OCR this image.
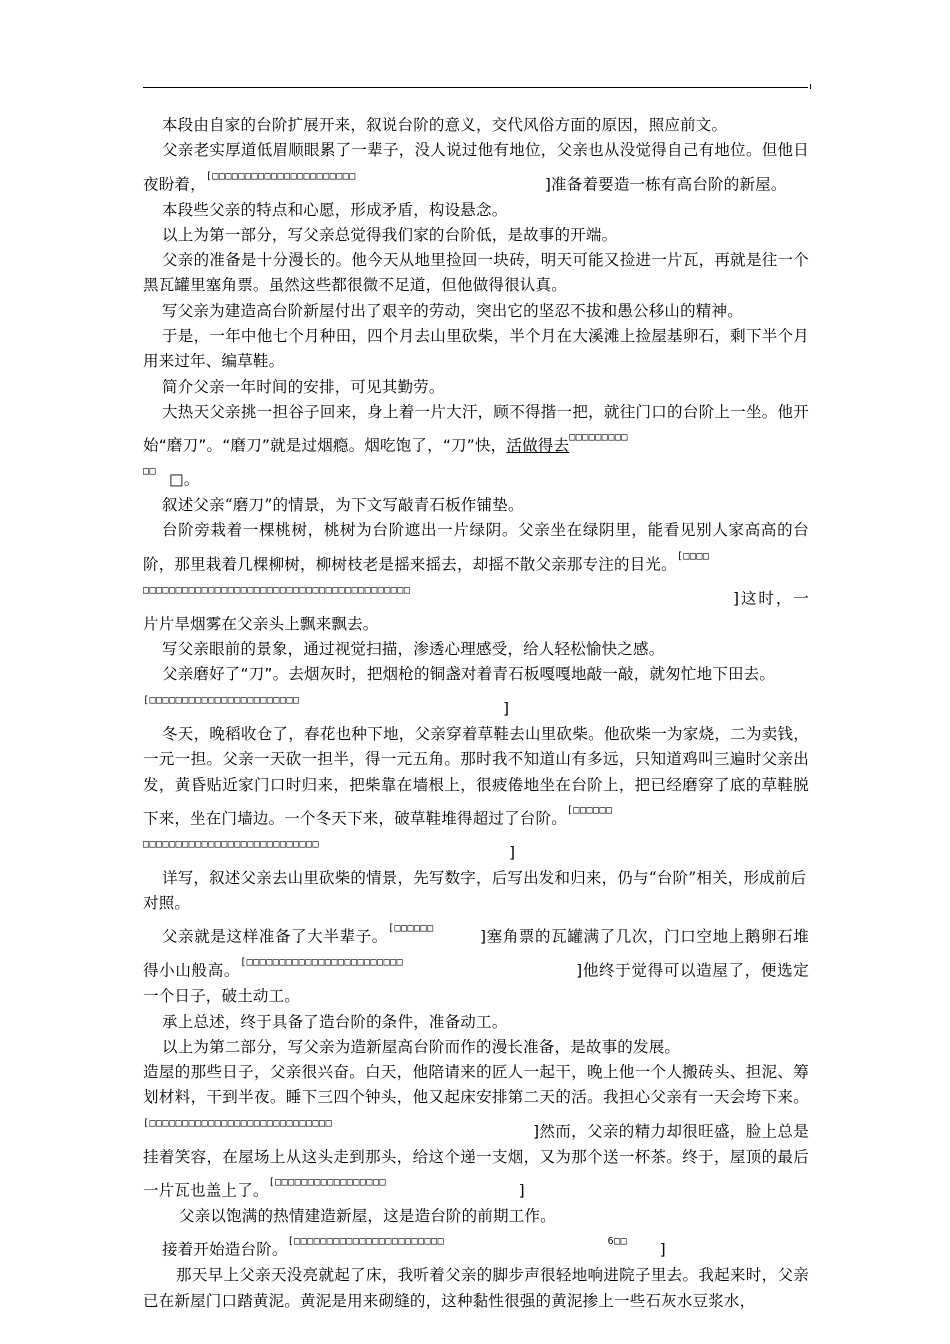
本段由自家的台阶扩展开来，叙说台阶的意义，交代风俗方面的原因，照应前文。

父亲老实厚道低眉顺眼累了一辈子，没人说过他有地位，父亲也从没觉得自己有地位。但他日夜盼着，[□□□□□□□□□□□□□□□□□□□□□□	]准备着要造一栋有高台阶的新屋。

本段些父亲的特点和心愿，形成矛盾，构设悬念。

以上为第一部分，写父亲总觉得我们家的台阶低，是故事的开端。

父亲的准备是十分漫长的。他今天从地里捡回一块砖，明天可能又捡进一片瓦，再就是往一个黑瓦罐里塞角票。虽然这些都很微不足道，但他做得很认真。

写父亲为建造高台阶新屋付出了艰辛的劳动，突出它的坚忍不拔和愚公移山的精神。

于是，一年中他七个月种田，四个月去山里砍柴，半个月在大溪滩上捡屋基卵石，剩下半个月用来过年、编草鞋。

简介父亲一年时间的安排，可见其勤劳。

大热天父亲挑一担谷子回来，身上着一片大汗，顾不得揩一把，就往门口的台阶上一坐。他开始“磨刀”。“磨刀”就是过烟瘾。烟吃饱了，“刀”快，活做得去□□□□□□□□□
□□ □。

叙述父亲“磨刀”的情景，为下文写敲青石板作铺垫。

台阶旁栽着一棵桃树，桃树为台阶遮出一片绿阴。父亲坐在绿阴里，能看见别人家高高的台阶，那里栽着几棵柳树，柳树枝老是摇来摇去，却摇不散父亲那专注的目光。[□□□□
□□□□□□□□□□□□□□□□□□□□□□□□□□□□□□□□□□□□□□□□□	]这时，一片片旱烟雾在父亲头上飘来飘去。

写父亲眼前的景象，通过视觉扫描，渗透心理感受，给人轻松愉快之感。

父亲磨好了“刀”。去烟灰时，把烟枪的铜盏对着青石板嘎嘎地敲一敲，就匆忙地下田去。
[□□□□□□□□□□□□□□□□□□□□□□□	]

冬天，晚稻收仓了，春花也种下地，父亲穿着草鞋去山里砍柴。他砍柴一为家烧，二为卖钱，一元一担。父亲一天砍一担半，得一元五角。那时我不知道山有多远，只知道鸡叫三遍时父亲出发，黄昏贴近家门口时归来，把柴靠在墙根上，很疲倦地坐在台阶上，把已经磨穿了底的草鞋脱下来，坐在门墙边。一个冬天下来，破草鞋堆得超过了台阶。[□□□□□□
□□□□□□□□□□□□□□□□□□□□□□□□□□□	]

详写，叙述父亲去山里砍柴的情景，先写数字，后写出发和归来，仍与“台阶”相关，形成前后对照。

父亲就是这样准备了大半辈子。[□□□□□□	]塞角票的瓦罐满了几次，门口空地上鹅卵石堆得小山般高。[□□□□□□□□□□□□□□□□□□□□□□□□	]他终于觉得可以造屋了，便选定一个日子，破土动工。

承上总述，终于具备了造台阶的条件，准备动工。

以上为第二部分，写父亲为造新屋高台阶而作的漫长准备，是故事的发展。

造屋的那些日子，父亲很兴奋。白天，他陪请来的匠人一起干，晚上他一个人搬砖头、担泥、筹划材料，干到半夜。睡下三四个钟头，他又起床安排第二天的活。我担心父亲有一天会垮下来。[□□□□□□□□□□□□□□□□□□□□□□□□□□□□	]然而，父亲的精力却很旺盛，脸上总是挂着笑容，在屋场上从这头走到那头，给这个递一支烟，又为那个送一杯茶。终于，屋顶的最后一片瓦也盖上了。[□□□□□□□□□□□□□□□□□	]

父亲以饱满的热情建造新屋，这是造台阶的前期工作。

接着开始造台阶。[□□□□□□□□□□□□□□□□□□□□□□□	6□□ ]

那天早上父亲天没亮就起了床，我听着父亲的脚步声很轻地响进院子里去。我起来时，父亲已在新屋门口踏黄泥。黄泥是用来砌缝的，这种黏性很强的黄泥掺上一些石灰水豆浆水，
